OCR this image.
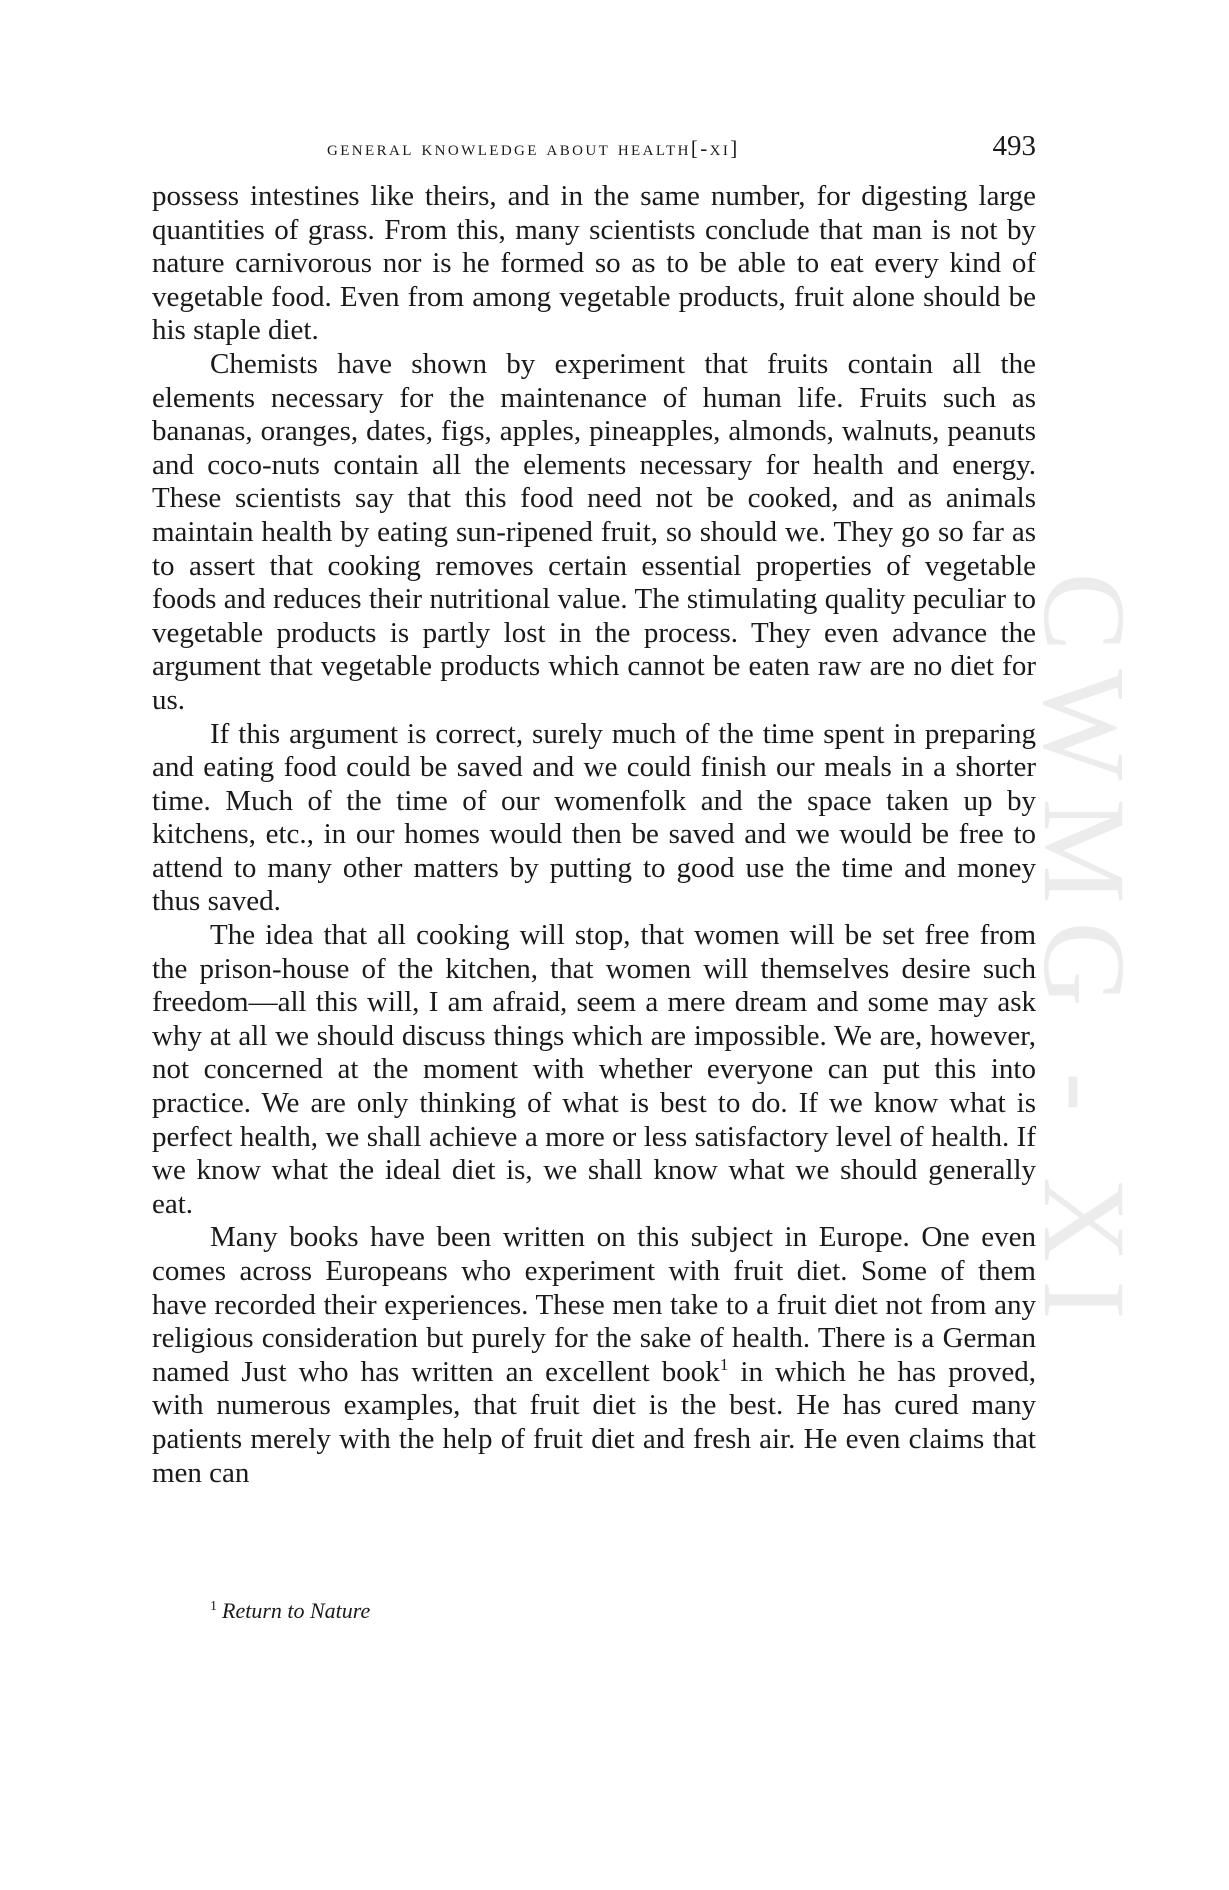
CWMG - XI
general knowledge about health[-xi]	493

possess intestines like theirs, and in the same number, for digesting large quantities of grass. From this, many scientists conclude that man is not by nature carnivorous nor is he formed so as to be able to eat every kind of vegetable food. Even from among vegetable products, fruit alone should be his staple diet.

Chemists have shown by experiment that fruits contain all the elements necessary for the maintenance of human life. Fruits such as bananas, oranges, dates, figs, apples, pineapples, almonds, walnuts, peanuts and coco-nuts contain all the elements necessary for health and energy. These scientists say that this food need not be cooked, and as animals maintain health by eating sun-ripened fruit, so should we. They go so far as to assert that cooking removes certain essential properties of vegetable foods and reduces their nutritional value. The stimulating quality peculiar to vegetable products is partly lost in the process. They even advance the argument that vegetable products which cannot be eaten raw are no diet for us.

If this argument is correct, surely much of the time spent in preparing and eating food could be saved and we could finish our meals in a shorter time. Much of the time of our womenfolk and the space taken up by kitchens, etc., in our homes would then be saved and we would be free to attend to many other matters by putting to good use the time and money thus saved.

The idea that all cooking will stop, that women will be set free from the prison-house of the kitchen, that women will themselves desire such freedom—all this will, I am afraid, seem a mere dream and some may ask why at all we should discuss things which are impossible. We are, however, not concerned at the moment with whether everyone can put this into practice. We are only thinking of what is best to do. If we know what is perfect health, we shall achieve a more or less satisfactory level of health. If we know what the ideal diet is, we shall know what we should generally eat.

Many books have been written on this subject in Europe. One even comes across Europeans who experiment with fruit diet. Some of them have recorded their experiences. These men take to a fruit diet not from any religious consideration but purely for the sake of health. There is a German named Just who has written an excellent book$^1$ in which he has proved, with numerous examples, that fruit diet is the best. He has cured many patients merely with the help of fruit diet and fresh air. He even claims that men can

$^1$ Return to Nature
